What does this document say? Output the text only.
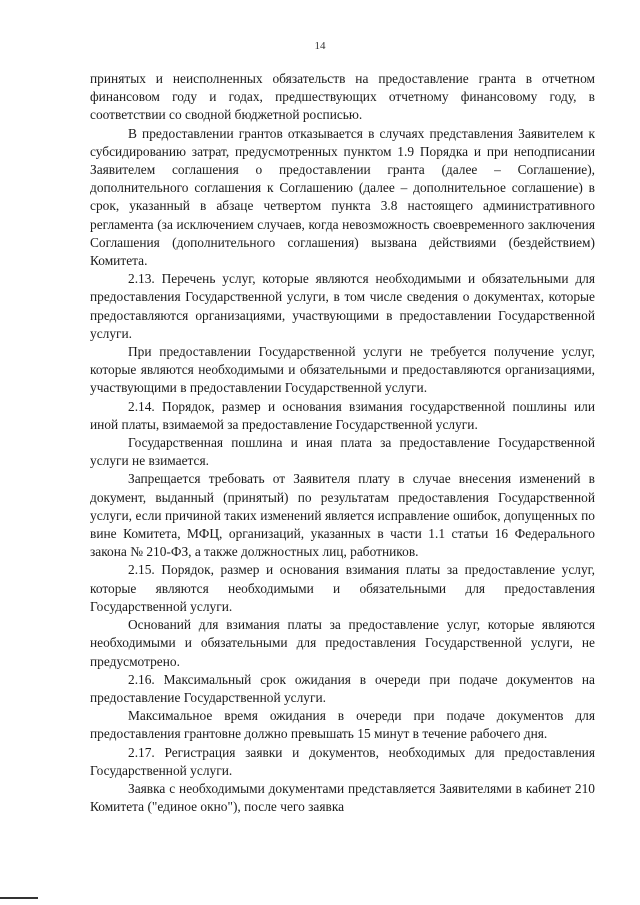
14

принятых и неисполненных обязательств на предоставление гранта в отчетном финансовом году и годах, предшествующих отчетному финансовому году, в соответствии со сводной бюджетной росписью.

В предоставлении грантов отказывается в случаях представления Заявителем к субсидированию затрат, предусмотренных пунктом 1.9 Порядка и при неподписании Заявителем соглашения о предоставлении гранта (далее – Соглашение), дополнительного соглашения к Соглашению (далее – дополнительное соглашение) в срок, указанный в абзаце четвертом пункта 3.8 настоящего административного регламента (за исключением случаев, когда невозможность своевременного заключения Соглашения (дополнительного соглашения) вызвана действиями (бездействием) Комитета.

2.13. Перечень услуг, которые являются необходимыми и обязательными для предоставления Государственной услуги, в том числе сведения о документах, которые предоставляются организациями, участвующими в предоставлении Государственной услуги.

При предоставлении Государственной услуги не требуется получение услуг, которые являются необходимыми и обязательными и предоставляются организациями, участвующими в предоставлении Государственной услуги.

2.14. Порядок, размер и основания взимания государственной пошлины или иной платы, взимаемой за предоставление Государственной услуги.

Государственная пошлина и иная плата за предоставление Государственной услуги не взимается.

Запрещается требовать от Заявителя плату в случае внесения изменений в документ, выданный (принятый) по результатам предоставления Государственной услуги, если причиной таких изменений является исправление ошибок, допущенных по вине Комитета, МФЦ, организаций, указанных в части 1.1 статьи 16 Федерального закона № 210-ФЗ, а также должностных лиц, работников.

2.15. Порядок, размер и основания взимания платы за предоставление услуг, которые являются необходимыми и обязательными для предоставления Государственной услуги.

Оснований для взимания платы за предоставление услуг, которые являются необходимыми и обязательными для предоставления Государственной услуги, не предусмотрено.

2.16. Максимальный срок ожидания в очереди при подаче документов на предоставление Государственной услуги.

Максимальное время ожидания в очереди при подаче документов для предоставления грантовне должно превышать 15 минут в течение рабочего дня.

2.17. Регистрация заявки и документов, необходимых для предоставления Государственной услуги.

Заявка с необходимыми документами представляется Заявителями в кабинет 210 Комитета ("единое окно"), после чего заявка
